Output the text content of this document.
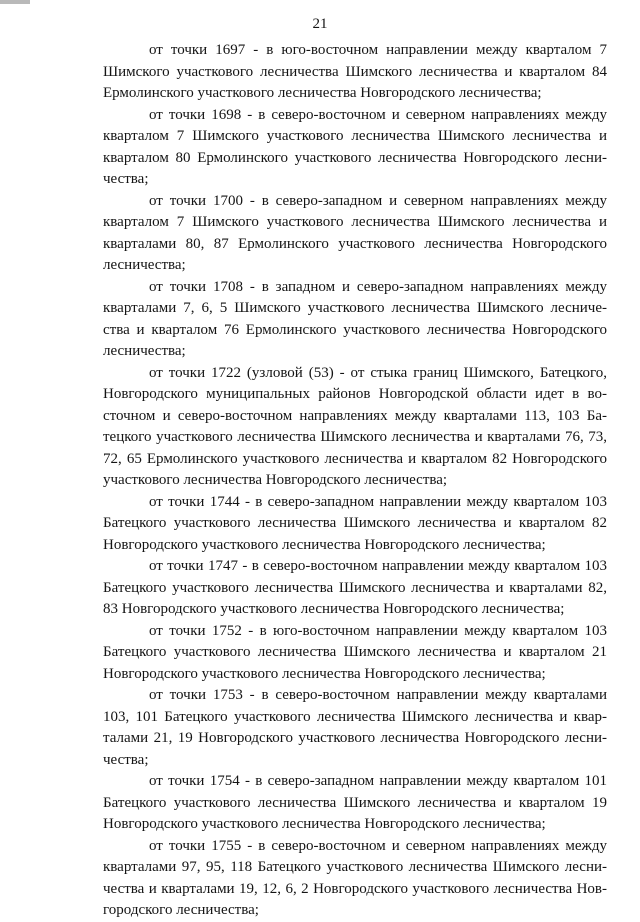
21
от точки 1697 - в юго-восточном направлении между кварталом 7
Шимского участкового лесничества Шимского лесничества и кварталом 84
Ермолинского участкового лесничества Новгородского лесничества;
от точки 1698 - в северо-восточном и северном направлениях между
кварталом 7 Шимского участкового лесничества Шимского лесничества и
кварталом 80 Ермолинского участкового лесничества Новгородского лесни-
чества;
от точки 1700 - в северо-западном и северном направлениях между
кварталом 7 Шимского участкового лесничества Шимского лесничества и
кварталами 80, 87 Ермолинского участкового лесничества Новгородского
лесничества;
от точки 1708 - в западном и северо-западном направлениях между
кварталами 7, 6, 5 Шимского участкового лесничества Шимского лесниче-
ства и кварталом 76 Ермолинского участкового лесничества Новгородского
лесничества;
от точки 1722 (узловой (53) - от стыка границ Шимского, Батецкого,
Новгородского муниципальных районов Новгородской области идет в во-
сточном и северо-восточном направлениях между кварталами 113, 103 Ба-
тецкого участкового лесничества Шимского лесничества и кварталами 76, 73,
72, 65 Ермолинского участкового лесничества и кварталом 82 Новгородского
участкового лесничества Новгородского лесничества;
от точки 1744 - в северо-западном направлении между кварталом 103
Батецкого участкового лесничества Шимского лесничества и кварталом 82
Новгородского участкового лесничества Новгородского лесничества;
от точки 1747 - в северо-восточном направлении между кварталом 103
Батецкого участкового лесничества Шимского лесничества и кварталами 82,
83 Новгородского участкового лесничества Новгородского лесничества;
от точки 1752 - в юго-восточном направлении между кварталом 103
Батецкого участкового лесничества Шимского лесничества и кварталом 21
Новгородского участкового лесничества Новгородского лесничества;
от точки 1753 - в северо-восточном направлении между кварталами
103, 101 Батецкого участкового лесничества Шимского лесничества и квар-
талами 21, 19 Новгородского участкового лесничества Новгородского лесни-
чества;
от точки 1754 - в северо-западном направлении между кварталом 101
Батецкого участкового лесничества Шимского лесничества и кварталом 19
Новгородского участкового лесничества Новгородского лесничества;
от точки 1755 - в северо-восточном и северном направлениях между
кварталами 97, 95, 118 Батецкого участкового лесничества Шимского лесни-
чества и кварталами 19, 12, 6, 2 Новгородского участкового лесничества Нов-
городского лесничества;
